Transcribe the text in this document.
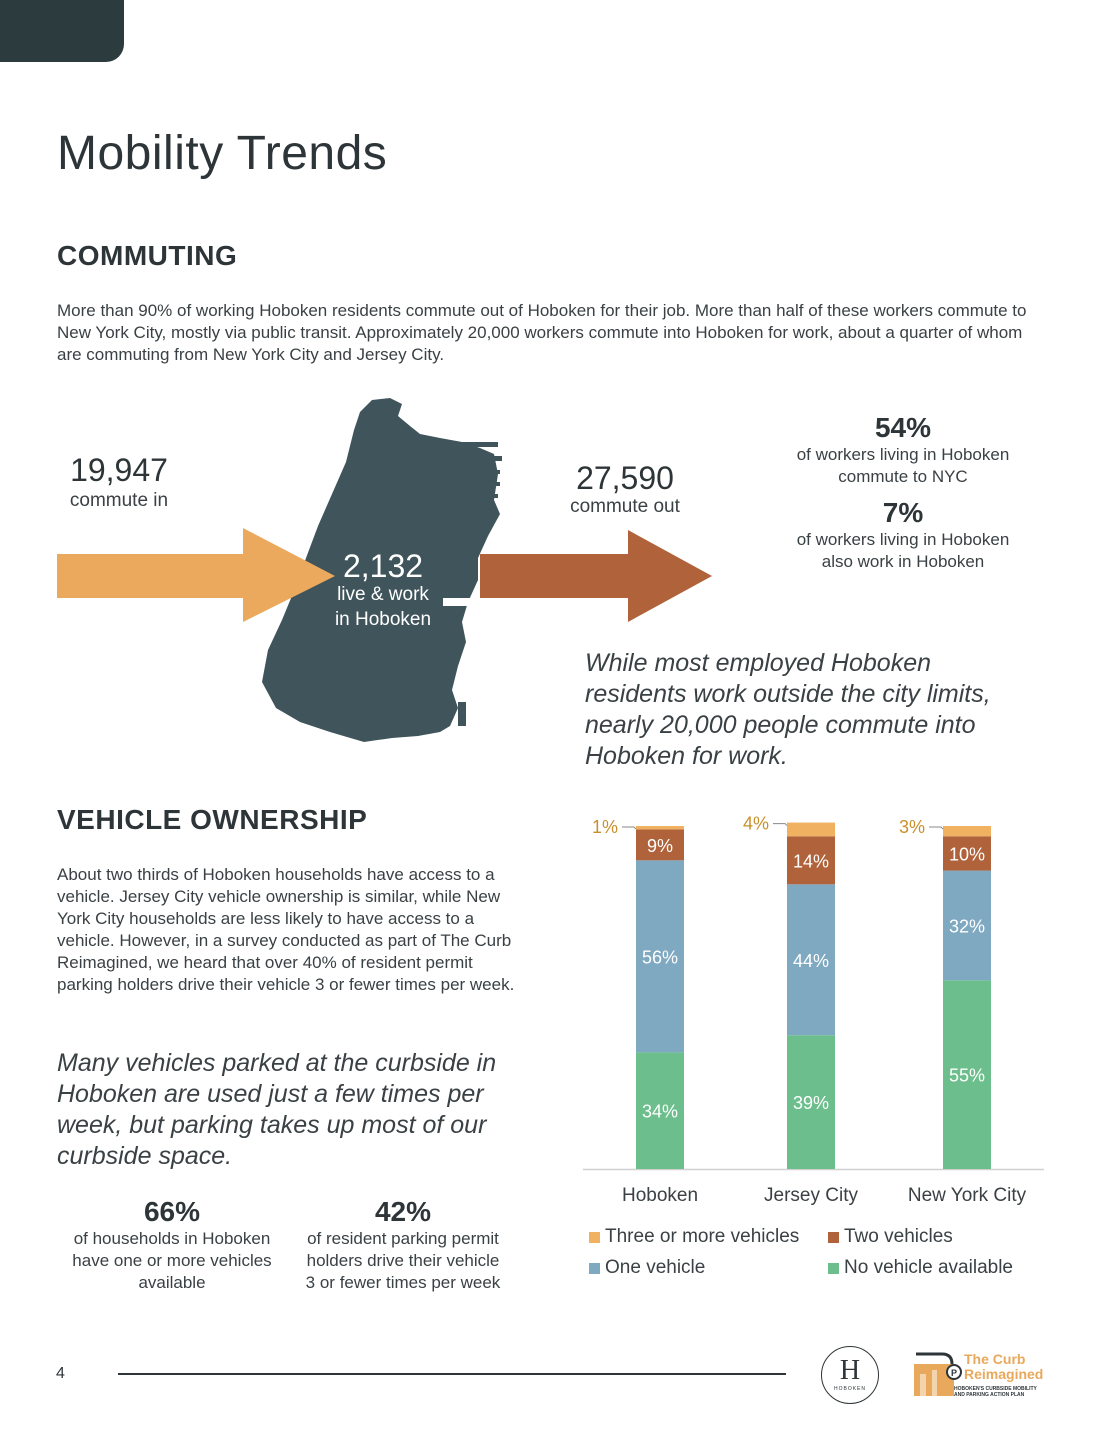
Mobility Trends
COMMUTING

More than 90% of working Hoboken residents commute out of Hoboken for their job. More than half of these workers commute to New York City, mostly via public transit. Approximately 20,000 workers commute into Hoboken for work, about a quarter of whom are commuting from New York City and Jersey City.

19,947
commute in
27,590
commute out
2,132
live & work
in Hoboken
54%
of workers living in Hoboken
commute to NYC
7%
of workers living in Hoboken
also work in Hoboken

While most employed Hoboken residents work outside the city limits, nearly 20,000 people commute into Hoboken for work.

VEHICLE OWNERSHIP

About two thirds of Hoboken households have access to a vehicle. Jersey City vehicle ownership is similar, while New York City households are less likely to have access to a vehicle. However, in a survey conducted as part of The Curb Reimagined, we heard that over 40% of resident permit parking holders drive their vehicle 3 or fewer times per week.

Many vehicles parked at the curbside in Hoboken are used just a few times per week, but parking takes up most of our curbside space.

66%
of households in Hoboken
have one or more vehicles
available
42%
of resident parking permit
holders drive their vehicle
3 or fewer times per week
34%
56%
9%
1%
Hoboken
39%
44%
14%
4%
Jersey City
55%
32%
10%
3%
New York City
Three or more vehicles Two vehicles
One vehicle	No vehicle available
4	H
HOBOKEN
P
The Curb
Reimagined
HOBOKEN'S CURBSIDE MOBILITY
AND PARKING ACTION PLAN
